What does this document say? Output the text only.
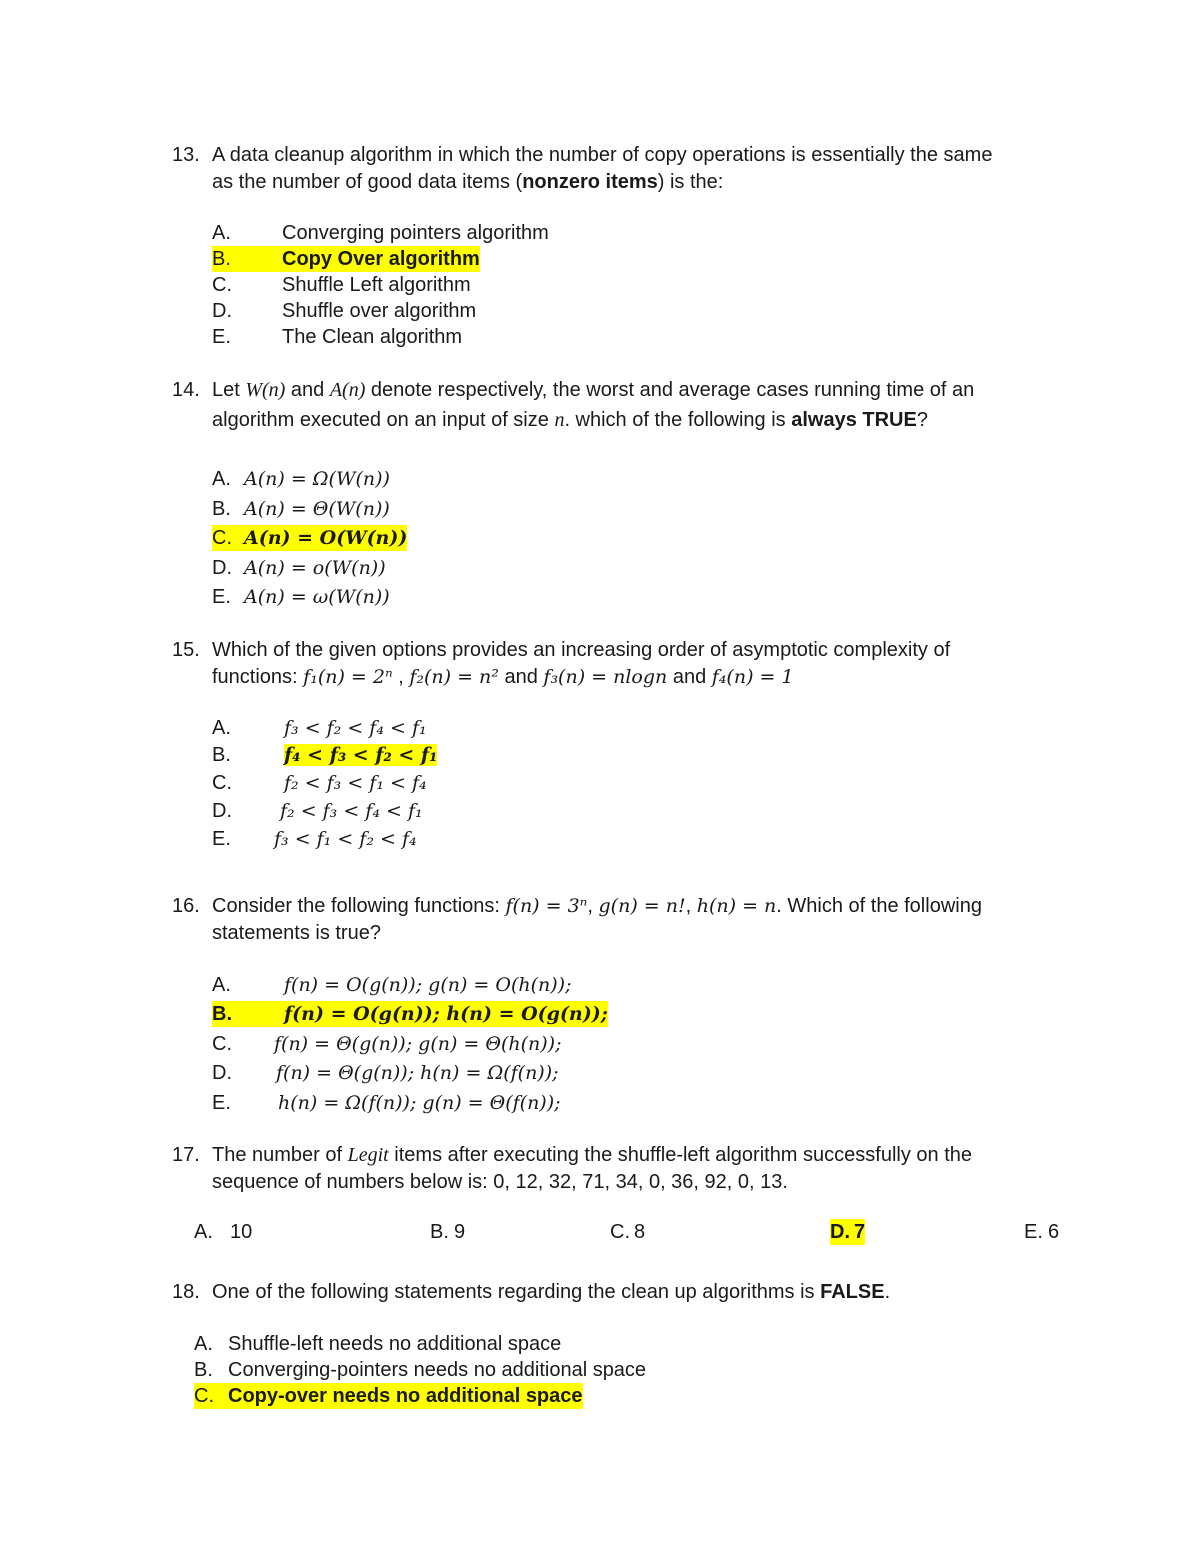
13. A data cleanup algorithm in which the number of copy operations is essentially the same
as the number of good data items (nonzero items) is the:
A.	Converging pointers algorithm
B.	Copy Over algorithm
C.	Shuffle Left algorithm
D.	Shuffle over algorithm
E.	The Clean algorithm
14. Let W(n) and A(n) denote respectively, the worst and average cases running time of an
algorithm executed on an input of size n. which of the following is always TRUE?
A. A(n) = Ω(W(n))
B. A(n) = Θ(W(n))
C. A(n) = O(W(n))
D. A(n) = o(W(n))
E. A(n) = ω(W(n))
15. Which of the given options provides an increasing order of asymptotic complexity of
functions: f₁(n) = 2ⁿ , f₂(n) = n² and f₃(n) = nlogn and f₄(n) = 1
A.	f₃ < f₂ < f₄ < f₁
B.	f₄ < f₃ < f₂ < f₁
C.	f₂ < f₃ < f₁ < f₄
D.	f₂ < f₃ < f₄ < f₁
E. f₃ < f₁ < f₂ < f₄
16. Consider the following functions: f(n) = 3ⁿ, g(n) = n!, h(n) = n. Which of the following
statements is true?
A.	f(n) = O(g(n)); g(n) = O(h(n));
B.	f(n) = O(g(n)); h(n) = O(g(n));
C. f(n) = Θ(g(n)); g(n) = Θ(h(n));
D. f(n) = Θ(g(n)); h(n) = Ω(f(n));
E. h(n) = Ω(f(n)); g(n) = Θ(f(n));
17. The number of Legit items after executing the shuffle-left algorithm successfully on the
sequence of numbers below is: 0, 12, 32, 71, 34, 0, 36, 92, 0, 13.
A. 10	B. 9	C. 8	D. 7	E. 6
18. One of the following statements regarding the clean up algorithms is FALSE.
A. Shuffle-left needs no additional space
B. Converging-pointers needs no additional space
C. Copy-over needs no additional space
